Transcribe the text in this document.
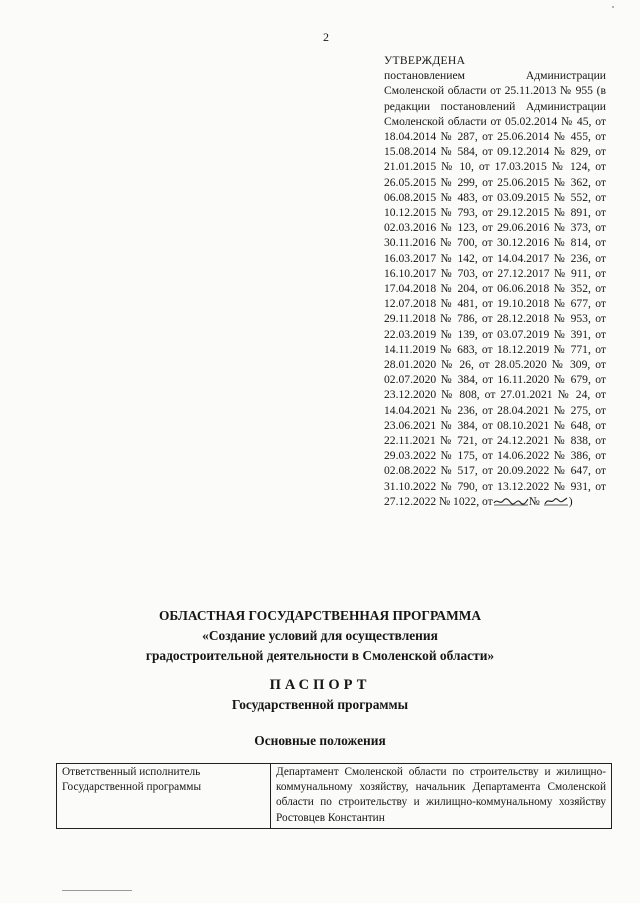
2

УТВЕРЖДЕНА

постановлением Администрации Смоленской области от 25.11.2013 № 955 (в редакции постановлений Администрации Смоленской области от 05.02.2014 № 45, от 18.04.2014 № 287, от 25.06.2014 № 455, от 15.08.2014 № 584, от 09.12.2014 № 829, от 21.01.2015 № 10, от 17.03.2015 № 124, от 26.05.2015 № 299, от 25.06.2015 № 362, от 06.08.2015 № 483, от 03.09.2015 № 552, от 10.12.2015 № 793, от 29.12.2015 № 891, от 02.03.2016 № 123, от 29.06.2016 № 373, от 30.11.2016 № 700, от 30.12.2016 № 814, от 16.03.2017 № 142, от 14.04.2017 № 236, от 16.10.2017 № 703, от 27.12.2017 № 911, от 17.04.2018 № 204, от 06.06.2018 № 352, от 12.07.2018 № 481, от 19.10.2018 № 677, от 29.11.2018 № 786, от 28.12.2018 № 953, от 22.03.2019 № 139, от 03.07.2019 № 391, от 14.11.2019 № 683, от 18.12.2019 № 771, от 28.01.2020 № 26, от 28.05.2020 № 309, от 02.07.2020 № 384, от 16.11.2020 № 679, от 23.12.2020 № 808, от 27.01.2021 № 24, от 14.04.2021 № 236, от 28.04.2021 № 275, от 23.06.2021 № 384, от 08.10.2021 № 648, от 22.11.2021 № 721, от 24.12.2021 № 838, от 29.03.2022 № 175, от 14.06.2022 № 386, от 02.08.2022 № 517, от 20.09.2022 № 647, от 31.10.2022 № 790, от 13.12.2022 № 931, от 27.12.2022 № 1022, от	№ )

ОБЛАСТНАЯ ГОСУДАРСТВЕННАЯ ПРОГРАММА
«Создание условий для осуществления
градостроительной деятельности в Смоленской области»
ПАСПОРТ
Государственной программы
Основные положения
Ответственный исполнитель Государственной программы	Департамент Смоленской области по строительству и жилищно-коммунальному хозяйству, начальник Департамента Смоленской области по строительству и жилищно-коммунальному хозяйству Ростовцев Константин
